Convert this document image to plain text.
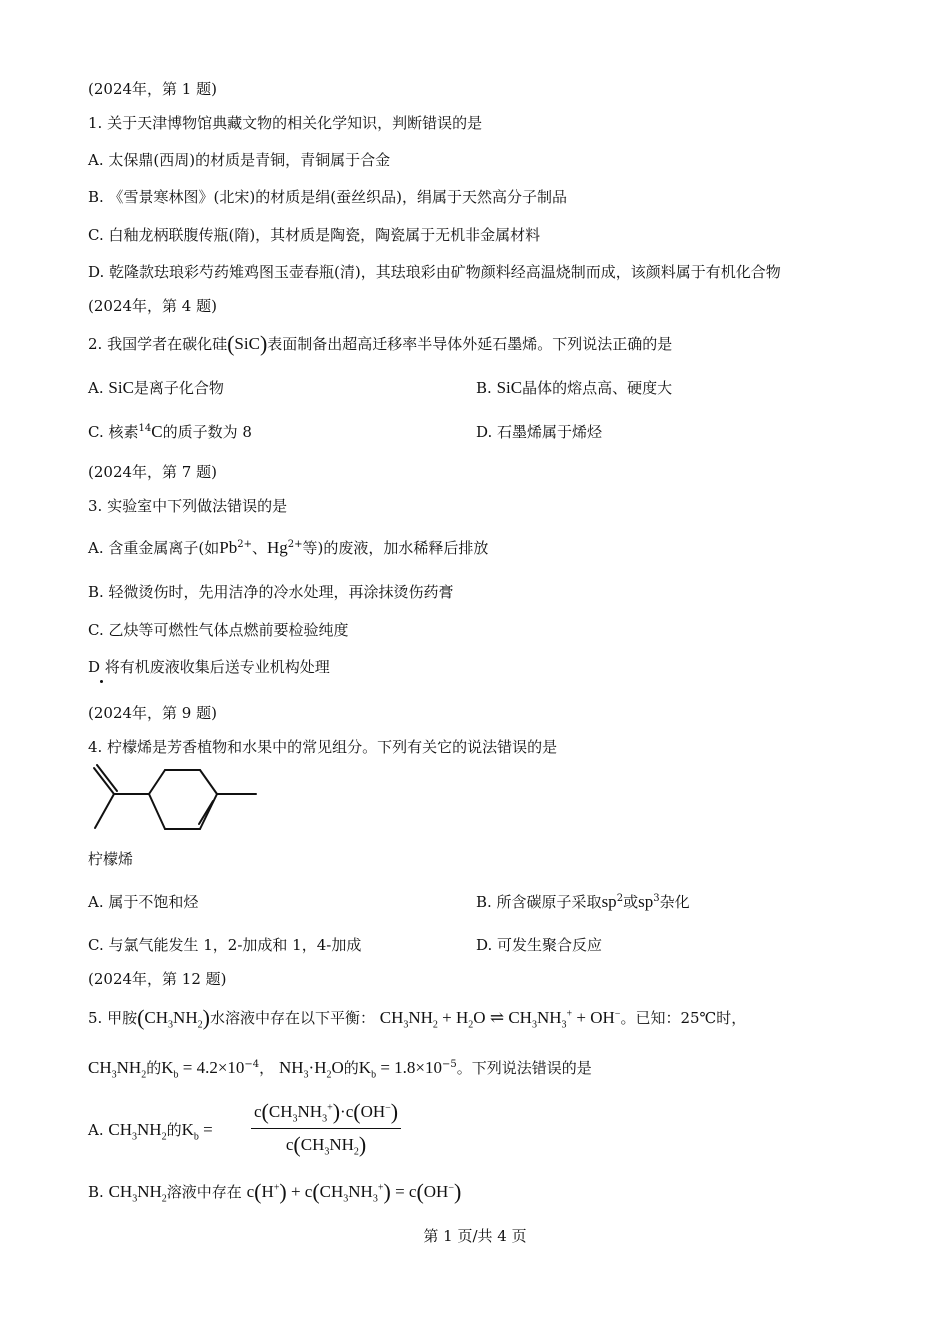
(2024年，第 1 题)
1. 关于天津博物馆典藏文物的相关化学知识，判断错误的是
A. 太保鼎(西周)的材质是青铜，青铜属于合金
B. 《雪景寒林图》(北宋)的材质是绢(蚕丝织品)，绢属于天然高分子制品
C. 白釉龙柄联腹传瓶(隋)，其材质是陶瓷，陶瓷属于无机非金属材料
D. 乾隆款珐琅彩芍药雉鸡图玉壶春瓶(清)，其珐琅彩由矿物颜料经高温烧制而成，该颜料属于有机化合物
(2024年，第 4 题)
2. 我国学者在碳化硅(SiC)表面制备出超高迁移率半导体外延石墨烯。下列说法正确的是
A. SiC是离子化合物	B. SiC晶体的熔点高、硬度大
C. 核素$^{14}$C的质子数为 8	D. 石墨烯属于烯烃
(2024年，第 7 题)
3. 实验室中下列做法错误的是
A. 含重金属离子(如$Pb^{2+}$、$Hg^{2+}$等)的废液，加水稀释后排放
B. 轻微烫伤时，先用洁净的冷水处理，再涂抹烫伤药膏
C. 乙炔等可燃性气体点燃前要检验纯度
D 将有机废液收集后送专业机构处理
(2024年，第 9 题)
4. 柠檬烯是芳香植物和水果中的常见组分。下列有关它的说法错误的是
柠檬烯
A. 属于不饱和烃	B. 所含碳原子采取$sp^2$或$sp^3$杂化
C. 与氯气能发生 1，2-加成和 1，4-加成	D. 可发生聚合反应
(2024年，第 12 题)
5. 甲胺$(CH_3NH_2)$水溶液中存在以下平衡： $CH_3NH_2 + H_2O$ ⇌ $CH_3NH_3^+ + OH^-$。已知：25℃时，
$CH_3NH_2$的$K_b = 4.2\times 10^{-4}$， $NH_3\cdot H_2O$的$K_b = 1.8\times 10^{-5}$。下列说法错误的是
A. $CH_3NH_2$的$K_b = \frac{c(CH_3NH_3^+)\cdot c(OH^-)}{c(CH_3NH_2)}$
B. $CH_3NH_2$溶液中存在 $c(H^+) + c(CH_3NH_3^+) = c(OH^-)$
第 1 页/共 4 页
